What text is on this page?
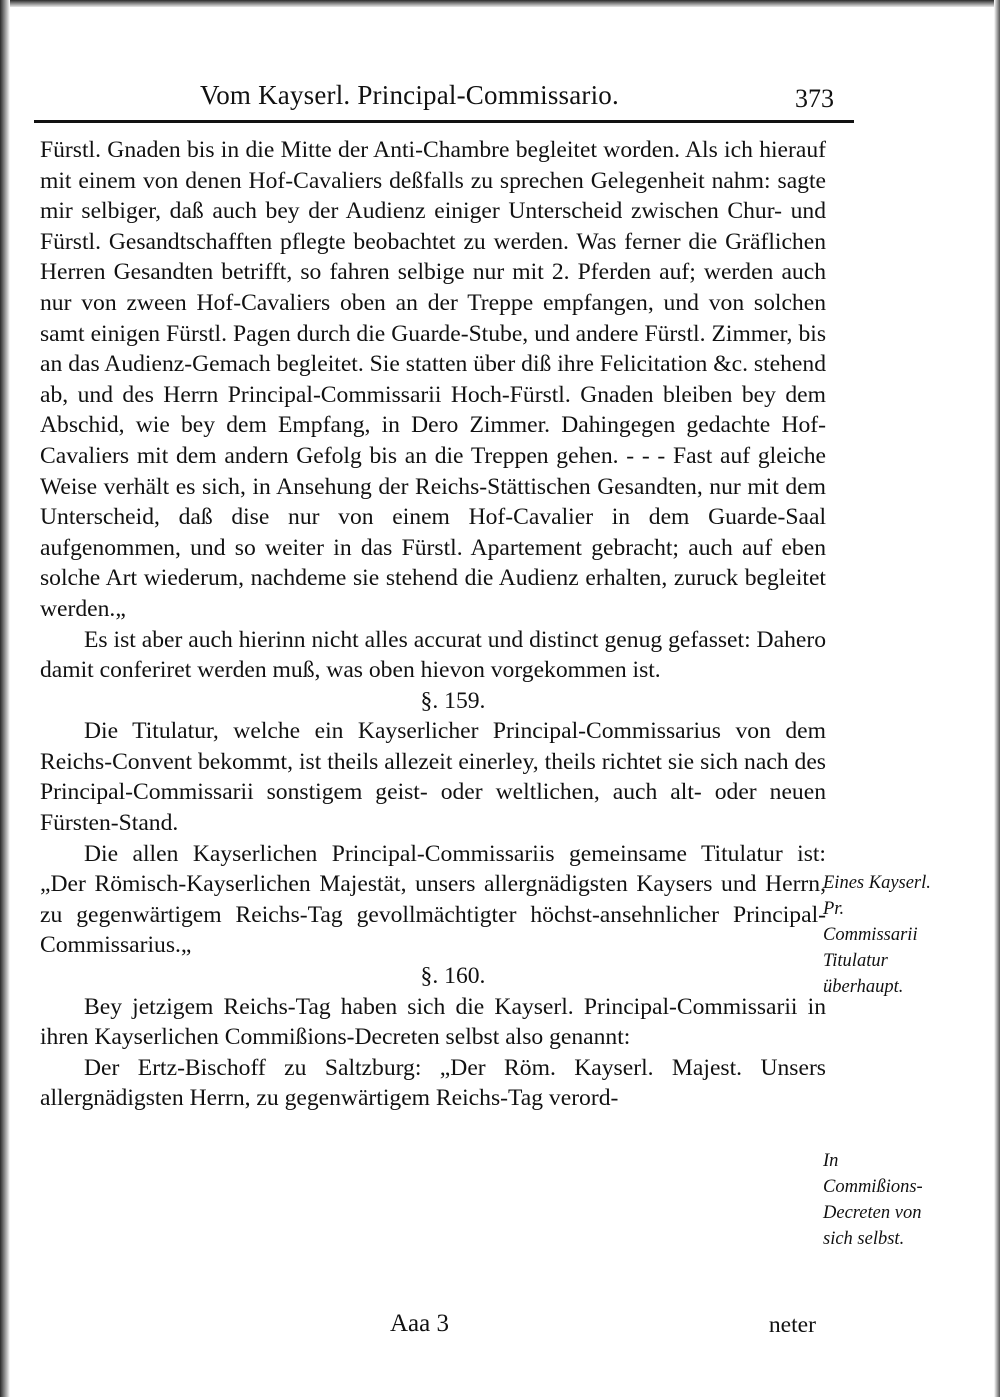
Vom Kayserl. Principal-Commissario.	373

Fürstl. Gnaden bis in die Mitte der Anti-Chambre begleitet worden. Als ich hierauf mit einem von denen Hof-Cavaliers deßfalls zu sprechen Gelegenheit nahm: sagte mir selbiger, daß auch bey der Audienz einiger Unterscheid zwischen Chur- und Fürstl. Gesandtschafften pflegte beobachtet zu werden. Was ferner die Gräflichen Herren Gesandten betrifft, so fahren selbige nur mit 2. Pferden auf; werden auch nur von zween Hof-Cavaliers oben an der Treppe empfangen, und von solchen samt einigen Fürstl. Pagen durch die Guarde-Stube, und andere Fürstl. Zimmer, bis an das Audienz-Gemach begleitet. Sie statten über diß ihre Felicitation &c. stehend ab, und des Herrn Principal-Commissarii Hoch-Fürstl. Gnaden bleiben bey dem Abschid, wie bey dem Empfang, in Dero Zimmer. Dahingegen gedachte Hof-Cavaliers mit dem andern Gefolg bis an die Treppen gehen. - - - Fast auf gleiche Weise verhält es sich, in Ansehung der Reichs-Stättischen Gesandten, nur mit dem Unterscheid, daß dise nur von einem Hof-Cavalier in dem Guarde-Saal aufgenommen, und so weiter in das Fürstl. Apartement gebracht; auch auf eben solche Art wiederum, nachdeme sie stehend die Audienz erhalten, zuruck begleitet werden.„

Es ist aber auch hierinn nicht alles accurat und distinct genug gefasset: Dahero damit conferiret werden muß, was oben hievon vorgekommen ist.

§. 159.

Die Titulatur, welche ein Kayserlicher Principal-Commissarius von dem Reichs-Convent bekommt, ist theils allezeit einerley, theils richtet sie sich nach des Principal-Commissarii sonstigem geist- oder weltlichen, auch alt- oder neuen Fürsten-Stand.

Die allen Kayserlichen Principal-Commissariis gemeinsame Titulatur ist: „Der Römisch-Kayserlichen Majestät, unsers allergnädigsten Kaysers und Herrn, zu gegenwärtigem Reichs-Tag gevollmächtigter höchst-ansehnlicher Principal-Commissarius.„

§. 160.

Bey jetzigem Reichs-Tag haben sich die Kayserl. Principal-Commissarii in ihren Kayserlichen Commißions-Decreten selbst also genannt:

Der Ertz-Bischoff zu Saltzburg: „Der Röm. Kayserl. Majest. Unsers allergnädigsten Herrn, zu gegenwärtigem Reichs-Tag verord-

Eines Kayserl. Pr. Commissarii Titulatur überhaupt.
In Commißions-Decreten von sich selbst.
Aaa 3	neter
